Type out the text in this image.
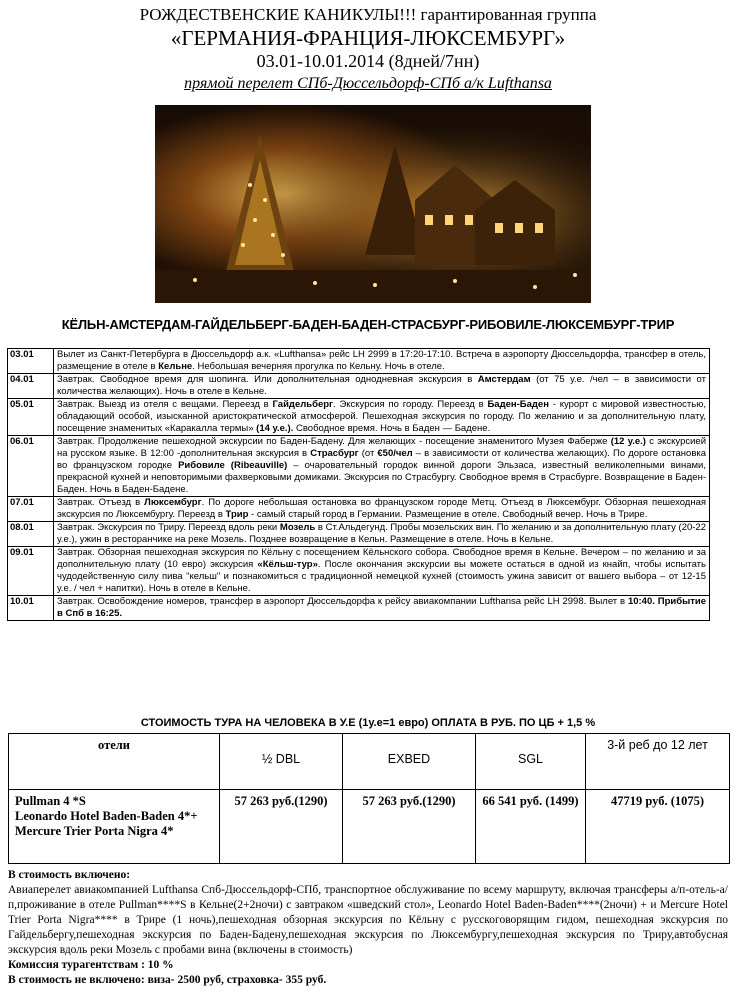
РОЖДЕСТВЕНСКИЕ КАНИКУЛЫ!!! гарантированная группа
«ГЕРМАНИЯ-ФРАНЦИЯ-ЛЮКСЕМБУРГ»
03.01-10.01.2014 (8дней/7нн)
прямой перелет СПб-Дюссельдорф-СПб а/к Lufthansa
КЁЛЬН-АМСТЕРДАМ-ГАЙДЕЛЬБЕРГ-БАДЕН-БАДЕН-СТРАСБУРГ-РИБОВИЛЕ-ЛЮКСЕМБУРГ-ТРИР
03.01	Вылет из Санкт-Петербурга в Дюссельдорф а.к. «Lufthansa» рейс LH 2999 в 17:20-17:10. Встреча в аэропорту Дюссельдорфа, трансфер в отель, размещение в отеле в Кельне. Небольшая вечерняя прогулка по Кельну. Ночь в отеле.
04.01	Завтрак. Свободное время для шопинга. Или дополнительная однодневная экскурсия в Амстердам (от 75 у.е. /чел – в зависимости от количества желающих). Ночь в отеле в Кельне.
05.01	Завтрак. Выезд из отеля с вещами. Переезд в Гайдельберг. Экскурсия по городу. Переезд в Баден-Баден - курорт с мировой известностью, обладающий особой, изысканной аристократической атмосферой. Пешеходная экскурсия по городу. По желанию и за дополнительную плату, посещение знаменитых «Каракалла термы» (14 у.е.). Свободное время. Ночь в Баден — Бадене.
06.01	Завтрак. Продолжение пешеходной экскурсии по Баден-Бадену. Для желающих - посещение знаменитого Музея Фаберже (12 у.е.) с экскурсией на русском языке. В 12:00 -дополнительная экскурсия в Страсбург (от €50/чел – в зависимости от количества желающих). По дороге остановка во французском городке Рибовиле (Ribeauville) – очаровательный городок винной дороги Эльзаса, известный великолепными винами, прекрасной кухней и неповторимыми фахверковыми домиками. Экскурсия по Страсбургу. Свободное время в Страсбурге. Возвращение в Баден-Баден. Ночь в Баден-Бадене.
07.01	Завтрак. Отъезд в Люксембург. По дороге небольшая остановка во французском городе Метц. Отъезд в Люксембург. Обзорная пешеходная экскурсия по Люксембургу. Переезд в Трир - самый старый город в Германии. Размещение в отеле. Свободный вечер. Ночь в Трире.
08.01	Завтрак. Экскурсия по Триру. Переезд вдоль реки Мозель в Ст.Альдегунд. Пробы мозельских вин. По желанию и за дополнительную плату (20-22 у.е.), ужин в ресторанчике на реке Мозель. Позднее возвращение в Кельн. Размещение в отеле. Ночь в Кельне.
09.01	Завтрак. Обзорная пешеходная экскурсия по Кёльну с посещением Кёльнского собора. Свободное время в Кельне. Вечером – по желанию и за дополнительную плату (10 евро) экскурсия «Кёльш-тур». После окончания экскурсии вы можете остаться в одной из кнайп, чтобы испытать чудодейственную силу пива "кельш" и познакомиться с традиционной немецкой кухней (стоимость ужина зависит от вашего выбора – от 12-15 у.е. / чел + напитки). Ночь в отеле в Кельне.
10.01	Завтрак. Освобождение номеров, трансфер в аэропорт Дюссельдорфа к рейсу авиакомпании Lufthansa рейс LH 2998. Вылет в 10:40. Прибытие в Спб в 16:25.
СТОИМОСТЬ ТУРА НА ЧЕЛОВЕКА В У.Е (1у.е=1 евро) ОПЛАТА В РУБ. ПО ЦБ + 1,5 %
отели	½ DBL	EXBED	SGL	3-й реб до 12 лет

Pullman 4 *S
Leonardo Hotel Baden-Baden 4*+
Mercure Trier Porta Nigra 4*	57 263 руб.(1290)	57 263 руб.(1290)	66 541 руб. (1499)	47719 руб. (1075)
В стоимость включено:
Авиаперелет авиакомпанией Lufthansa Спб-Дюссельдорф-СПб, транспортное обслуживание по всему маршруту, включая трансферы а/п-отель-а/п,проживание в отеле Pullman****S в Кельне(2+2ночи) с завтраком «шведский стол», Leonardo Hotel Baden-Baden****(2ночи) + и Mercure Hotel Trier Porta Nigra**** в Трире (1 ночь),пешеходная обзорная экскурсия по Кёльну с русскоговорящим гидом, пешеходная экскурсия по Гайдельбергу,пешеходная экскурсия по Баден-Бадену,пешеходная экскурсия по Люксембургу,пешеходная экскурсия по Триру,автобусная экскурсия вдоль реки Мозель с пробами вина (включены в стоимость)
Комиссия турагентствам : 10 %
В стоимость не включено: виза- 2500 руб, страховка- 355 руб.
